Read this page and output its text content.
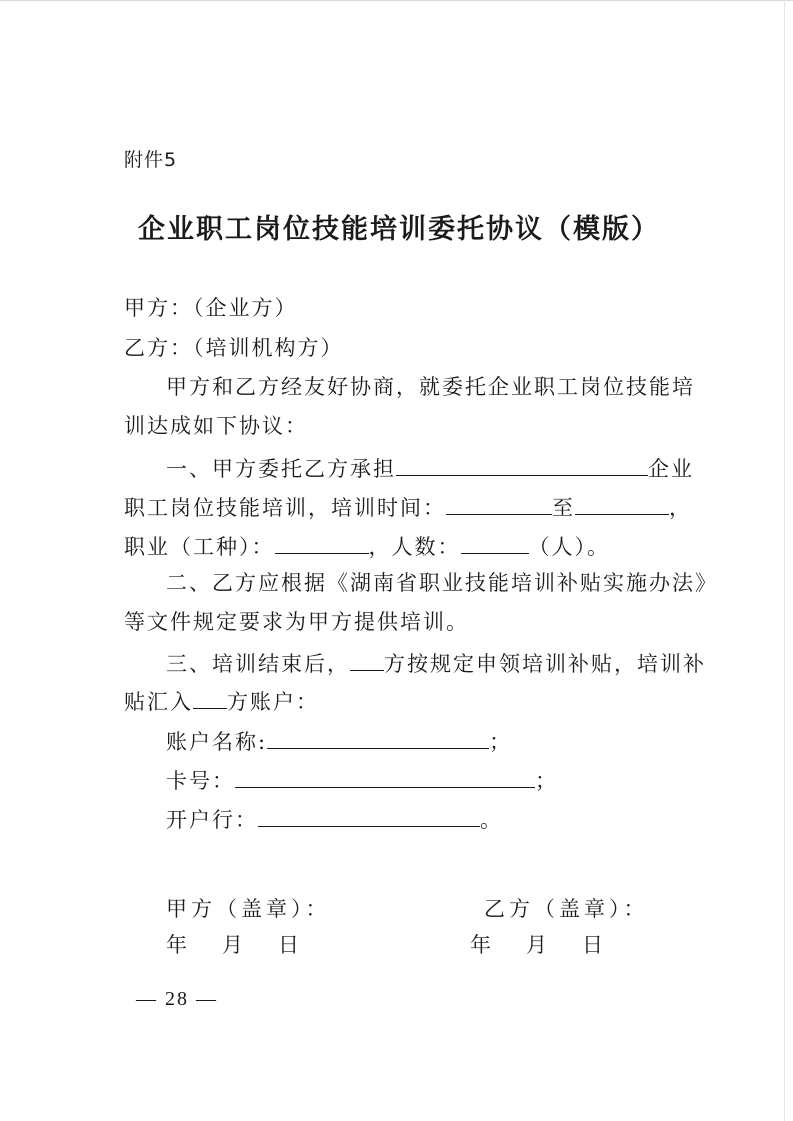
附件5
企业职工岗位技能培训委托协议（模版）
甲方：（企业方）
乙方：（培训机构方）
甲方和乙方经友好协商，就委托企业职工岗位技能培
训达成如下协议：
一、甲方委托乙方承担	企业
职工岗位技能培训，培训时间：	至	，
职业（工种）：	，人数：	（人）。
二、乙方应根据《湖南省职业技能培训补贴实施办法》
等文件规定要求为甲方提供培训。
三、培训结束后， 方按规定申领培训补贴，培训补
贴汇入 方账户：
账户名称:	；
卡号：	；
开户行：	。
甲方（盖章）：	乙方（盖章）：
年 月 日	年 月 日
— 28 —
